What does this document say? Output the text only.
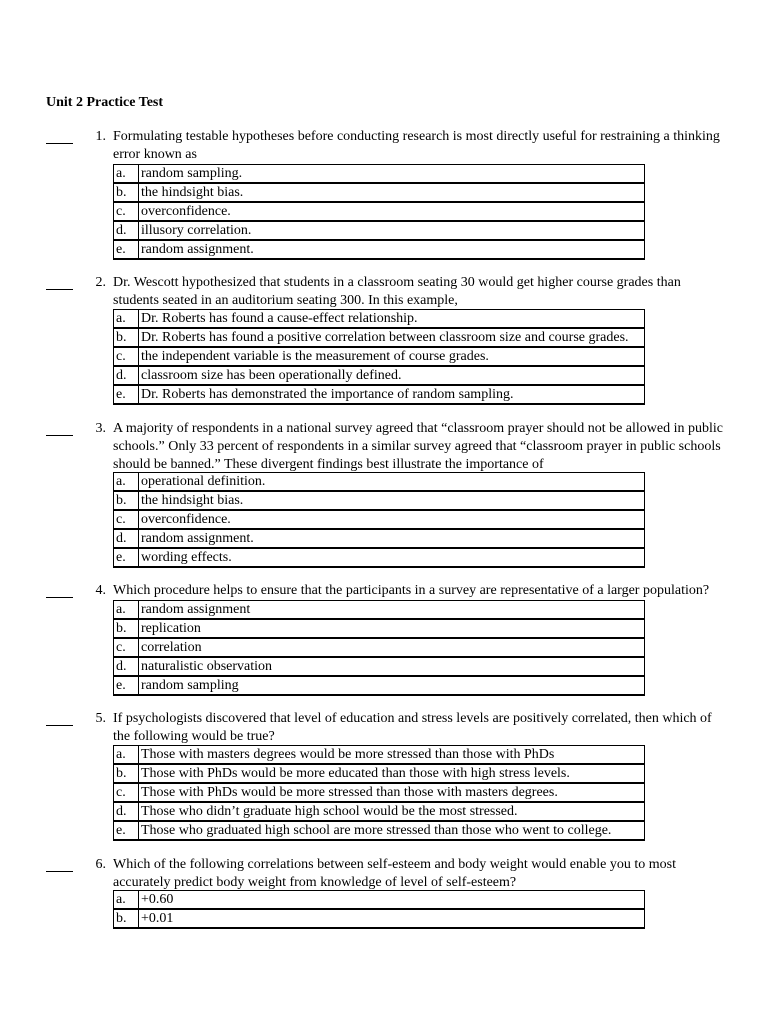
Unit 2 Practice Test
1. Formulating testable hypotheses before conducting research is most directly useful for restraining a thinking error known as
a.	random sampling.
b.	the hindsight bias.
c.	overconfidence.
d.	illusory correlation.
e.	random assignment.
2. Dr. Wescott hypothesized that students in a classroom seating 30 would get higher course grades than students seated in an auditorium seating 300. In this example,
a.	Dr. Roberts has found a cause-effect relationship.
b.	Dr. Roberts has found a positive correlation between classroom size and course grades.
c.	the independent variable is the measurement of course grades.
d.	classroom size has been operationally defined.
e.	Dr. Roberts has demonstrated the importance of random sampling.
3. A majority of respondents in a national survey agreed that “classroom prayer should not be allowed in public schools.” Only 33 percent of respondents in a similar survey agreed that “classroom prayer in public schools should be banned.” These divergent findings best illustrate the importance of
a.	operational definition.
b.	the hindsight bias.
c.	overconfidence.
d.	random assignment.
e.	wording effects.
4. Which procedure helps to ensure that the participants in a survey are representative of a larger population?
a.	random assignment
b.	replication
c.	correlation
d.	naturalistic observation
e.	random sampling
5. If psychologists discovered that level of education and stress levels are positively correlated, then which of the following would be true?
a.	Those with masters degrees would be more stressed than those with PhDs
b.	Those with PhDs would be more educated than those with high stress levels.
c.	Those with PhDs would be more stressed than those with masters degrees.
d.	Those who didn’t graduate high school would be the most stressed.
e.	Those who graduated high school are more stressed than those who went to college.
6. Which of the following correlations between self-esteem and body weight would enable you to most accurately predict body weight from knowledge of level of self-esteem?
a.	+0.60
b.	+0.01
